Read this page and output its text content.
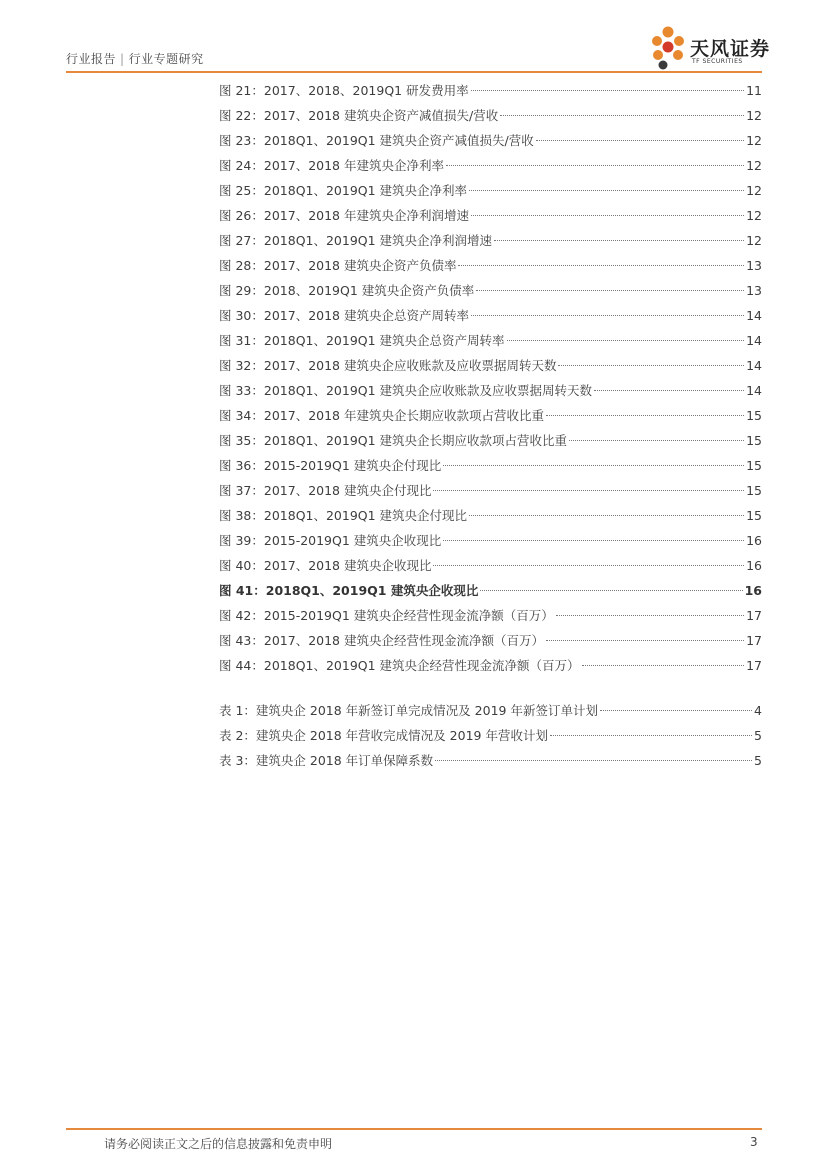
行业报告 | 行业专题研究	天风证券
TF SECURITIES
图 21：2017、2018、2019Q1 研发费用率	11
图 22：2017、2018 建筑央企资产减值损失/营收	12
图 23：2018Q1、2019Q1 建筑央企资产减值损失/营收	12
图 24：2017、2018 年建筑央企净利率	12
图 25：2018Q1、2019Q1 建筑央企净利率	12
图 26：2017、2018 年建筑央企净利润增速	12
图 27：2018Q1、2019Q1 建筑央企净利润增速	12
图 28：2017、2018 建筑央企资产负债率	13
图 29：2018、2019Q1 建筑央企资产负债率	13
图 30：2017、2018 建筑央企总资产周转率	14
图 31：2018Q1、2019Q1 建筑央企总资产周转率	14
图 32：2017、2018 建筑央企应收账款及应收票据周转天数	14
图 33：2018Q1、2019Q1 建筑央企应收账款及应收票据周转天数	14
图 34：2017、2018 年建筑央企长期应收款项占营收比重	15
图 35：2018Q1、2019Q1 建筑央企长期应收款项占营收比重	15
图 36：2015-2019Q1 建筑央企付现比	15
图 37：2017、2018 建筑央企付现比	15
图 38：2018Q1、2019Q1 建筑央企付现比	15
图 39：2015-2019Q1 建筑央企收现比	16
图 40：2017、2018 建筑央企收现比	16
图 41：2018Q1、2019Q1 建筑央企收现比	16
图 42：2015-2019Q1 建筑央企经营性现金流净额（百万）	17
图 43：2017、2018 建筑央企经营性现金流净额（百万）	17
图 44：2018Q1、2019Q1 建筑央企经营性现金流净额（百万）	17
表 1：建筑央企 2018 年新签订单完成情况及 2019 年新签订单计划	4
表 2：建筑央企 2018 年营收完成情况及 2019 年营收计划	5
表 3：建筑央企 2018 年订单保障系数	5
请务必阅读正文之后的信息披露和免责申明	3
